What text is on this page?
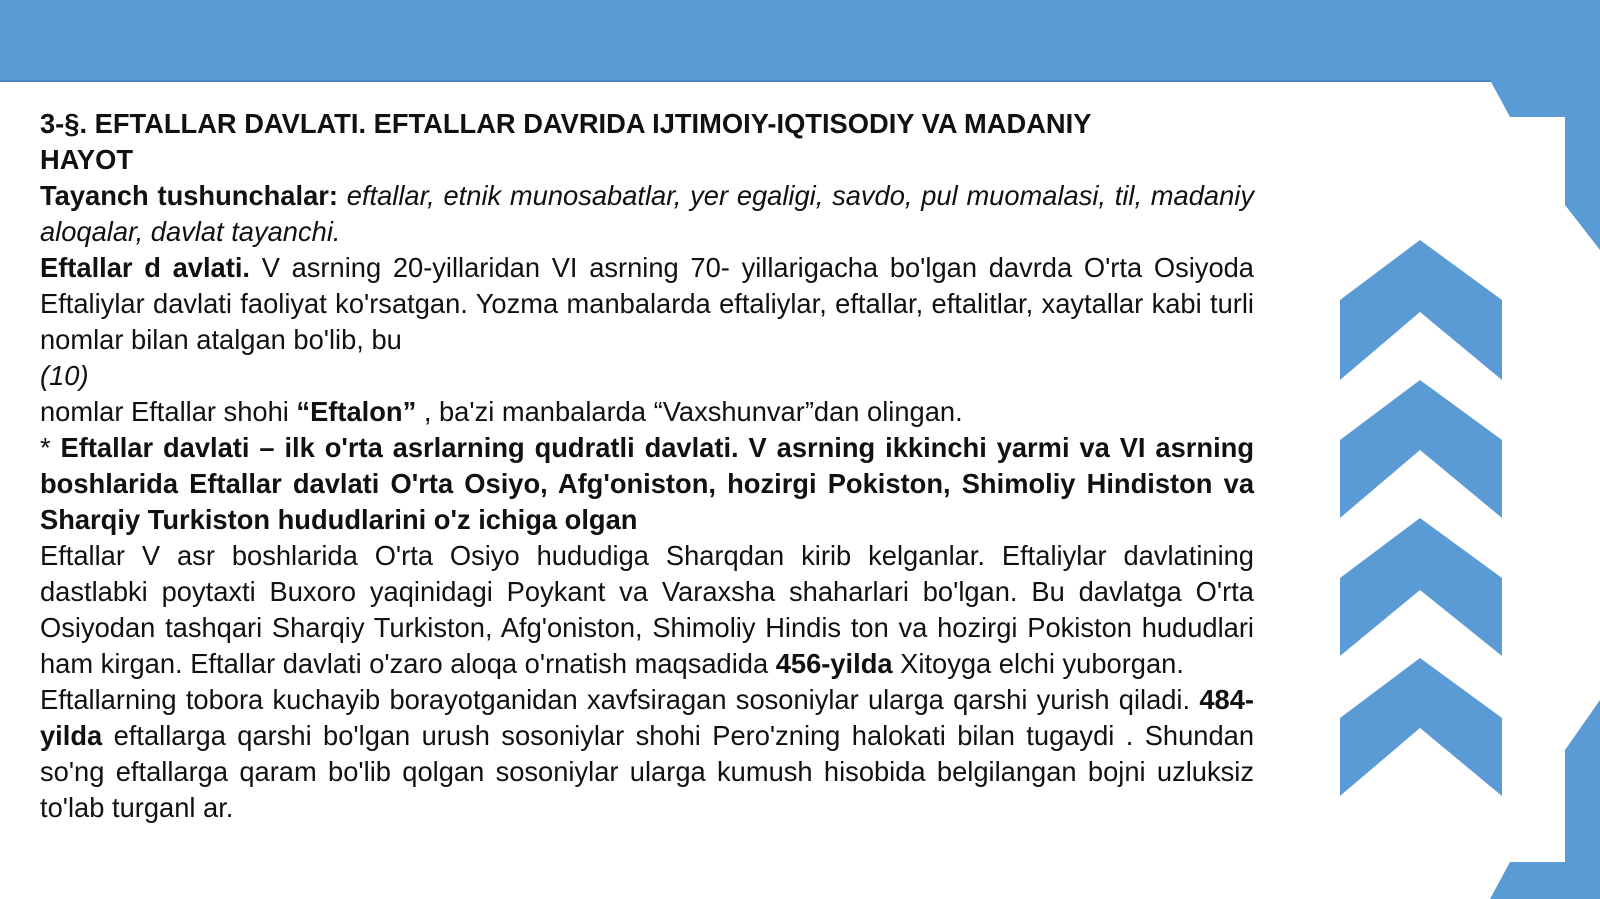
3-§. EFTALLAR DAVLATI. EFTALLAR DAVRIDA IJTIMOIY-IQTISODIY VA MADANIY
HAYOT

Tayanch tushunchalar: eftallar, etnik munosabatlar, yer egaligi, savdo, pul muomalasi, til, madaniy aloqalar, davlat tayanchi.

Eftallar d avlati. V asrning 20-yillaridan VI asrning 70- yillarigacha bo'lgan davrda O'rta Osiyoda Eftaliylar davlati faoliyat ko'rsatgan. Yozma manbalarda eftaliylar, eftallar, eftalitlar, xaytallar kabi turli nomlar bilan atalgan bo'lib, bu

(10)

nomlar Eftallar shohi “Eftalon” , ba'zi manbalarda “Vaxshunvar”dan olingan.

* Eftallar davlati – ilk o'rta asrlarning qudratli davlati. V asrning ikkinchi yarmi va VI asrning boshlarida Eftallar davlati O'rta Osiyo, Afg'oniston, hozirgi Pokiston, Shimoliy Hindiston va Sharqiy Turkiston hududlarini o'z ichiga olgan

Eftallar V asr boshlarida O'rta Osiyo hududiga Sharqdan kirib kelganlar. Eftaliylar davlatining dastlabki poytaxti Buxoro yaqinidagi Poykant va Varaxsha shaharlari bo'lgan. Bu davlatga O'rta Osiyodan tashqari Sharqiy Turkiston, Afg'oniston, Shimoliy Hindis ton va hozirgi Pokiston hududlari ham kirgan. Eftallar davlati o'zaro aloqa o'rnatish maqsadida 456-yilda Xitoyga elchi yuborgan.

Eftallarning tobora kuchayib borayotganidan xavfsiragan sosoniylar ularga qarshi yurish qiladi. 484-yilda eftallarga qarshi bo'lgan urush sosoniylar shohi Pero'zning halokati bilan tugaydi . Shundan so'ng eftallarga qaram bo'lib qolgan sosoniylar ularga kumush hisobida belgilangan bojni uzluksiz to'lab turganl ar.
